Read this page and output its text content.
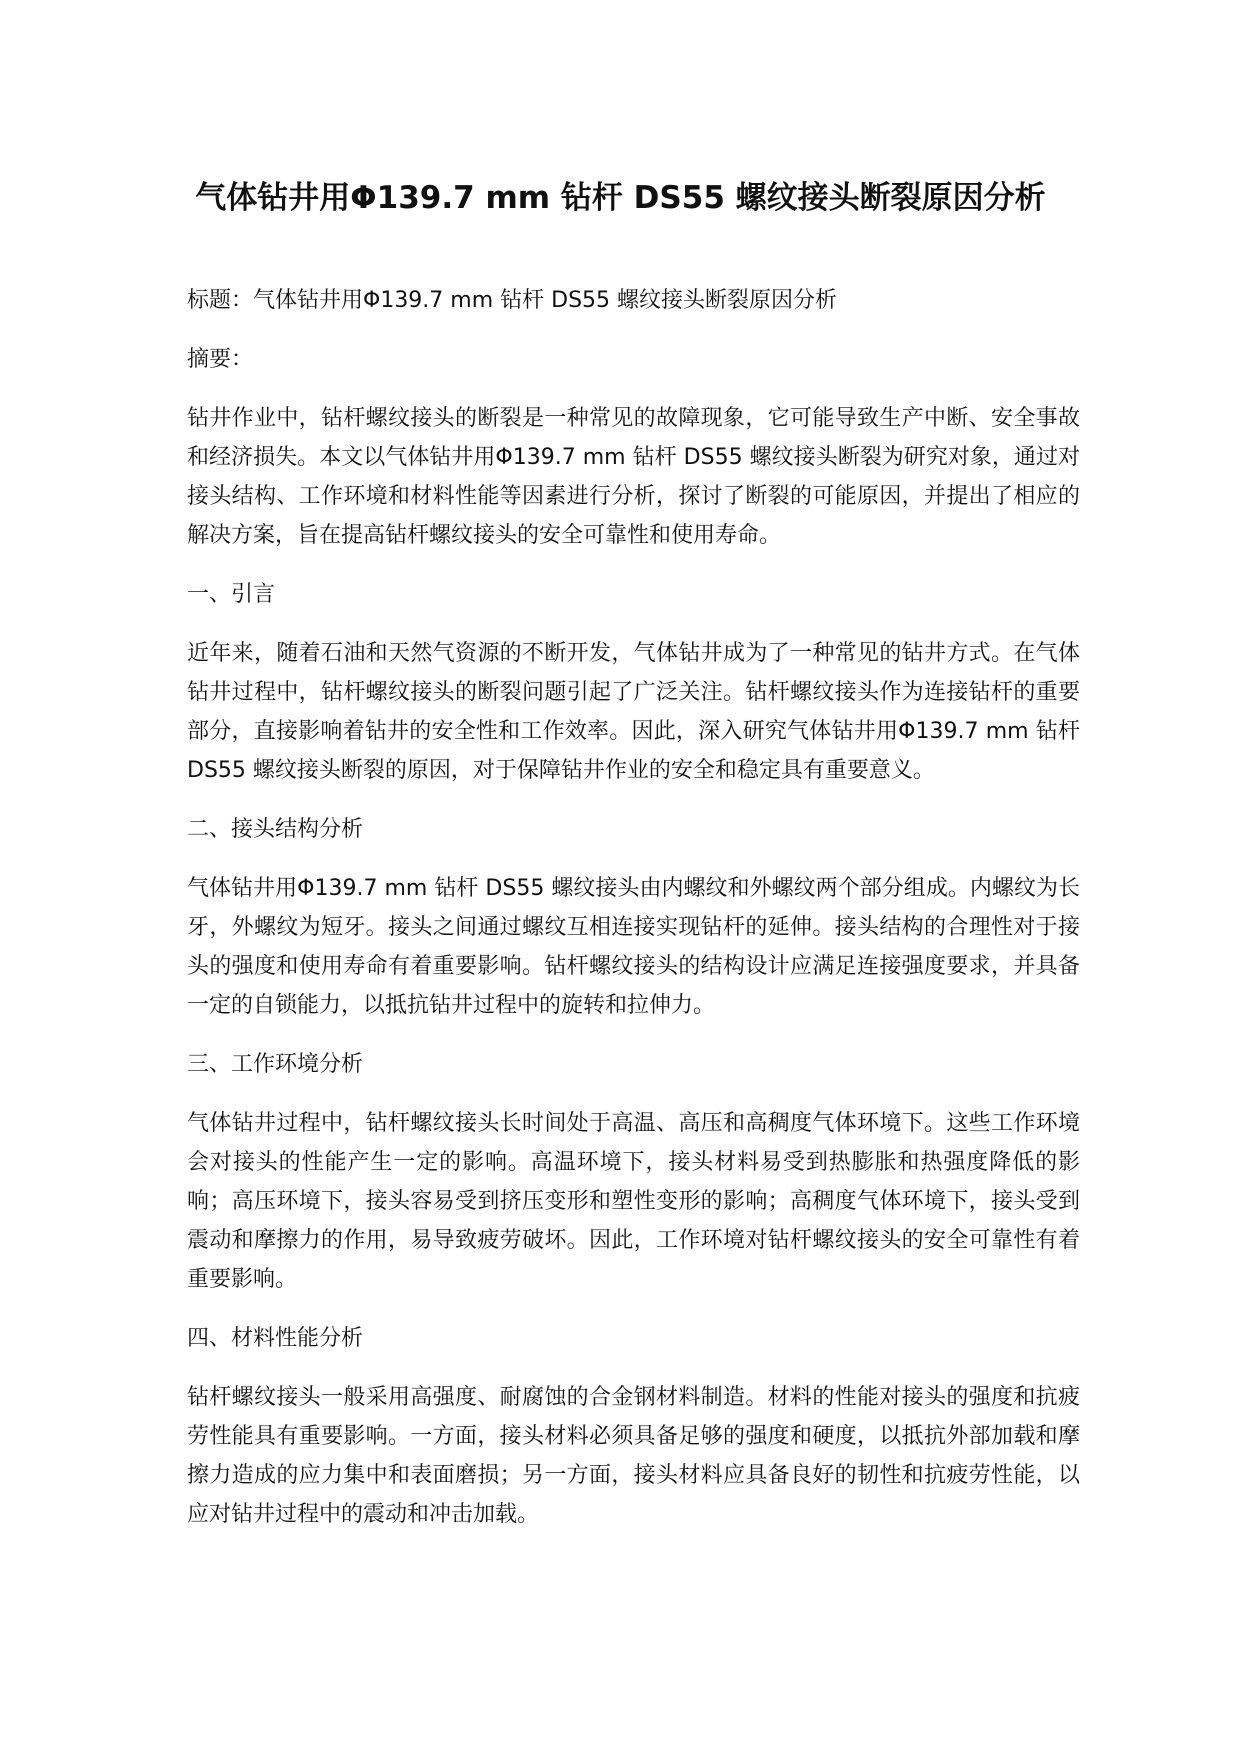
气体钻井用Φ139.7 mm 钻杆 DS55 螺纹接头断裂原因分析

标题：气体钻井用Φ139.7 mm 钻杆 DS55 螺纹接头断裂原因分析

摘要：

钻井作业中，钻杆螺纹接头的断裂是一种常见的故障现象，它可能导致生产中断、安全事故和经济损失。本文以气体钻井用Φ139.7 mm 钻杆 DS55 螺纹接头断裂为研究对象，通过对接头结构、工作环境和材料性能等因素进行分析，探讨了断裂的可能原因，并提出了相应的解决方案，旨在提高钻杆螺纹接头的安全可靠性和使用寿命。

一、引言

近年来，随着石油和天然气资源的不断开发，气体钻井成为了一种常见的钻井方式。在气体钻井过程中，钻杆螺纹接头的断裂问题引起了广泛关注。钻杆螺纹接头作为连接钻杆的重要部分，直接影响着钻井的安全性和工作效率。因此，深入研究气体钻井用Φ139.7 mm 钻杆 DS55 螺纹接头断裂的原因，对于保障钻井作业的安全和稳定具有重要意义。

二、接头结构分析

气体钻井用Φ139.7 mm 钻杆 DS55 螺纹接头由内螺纹和外螺纹两个部分组成。内螺纹为长牙，外螺纹为短牙。接头之间通过螺纹互相连接实现钻杆的延伸。接头结构的合理性对于接头的强度和使用寿命有着重要影响。钻杆螺纹接头的结构设计应满足连接强度要求，并具备一定的自锁能力，以抵抗钻井过程中的旋转和拉伸力。

三、工作环境分析

气体钻井过程中，钻杆螺纹接头长时间处于高温、高压和高稠度气体环境下。这些工作环境会对接头的性能产生一定的影响。高温环境下，接头材料易受到热膨胀和热强度降低的影响；高压环境下，接头容易受到挤压变形和塑性变形的影响；高稠度气体环境下，接头受到震动和摩擦力的作用，易导致疲劳破坏。因此，工作环境对钻杆螺纹接头的安全可靠性有着重要影响。

四、材料性能分析

钻杆螺纹接头一般采用高强度、耐腐蚀的合金钢材料制造。材料的性能对接头的强度和抗疲劳性能具有重要影响。一方面，接头材料必须具备足够的强度和硬度，以抵抗外部加载和摩擦力造成的应力集中和表面磨损；另一方面，接头材料应具备良好的韧性和抗疲劳性能，以应对钻井过程中的震动和冲击加载。
